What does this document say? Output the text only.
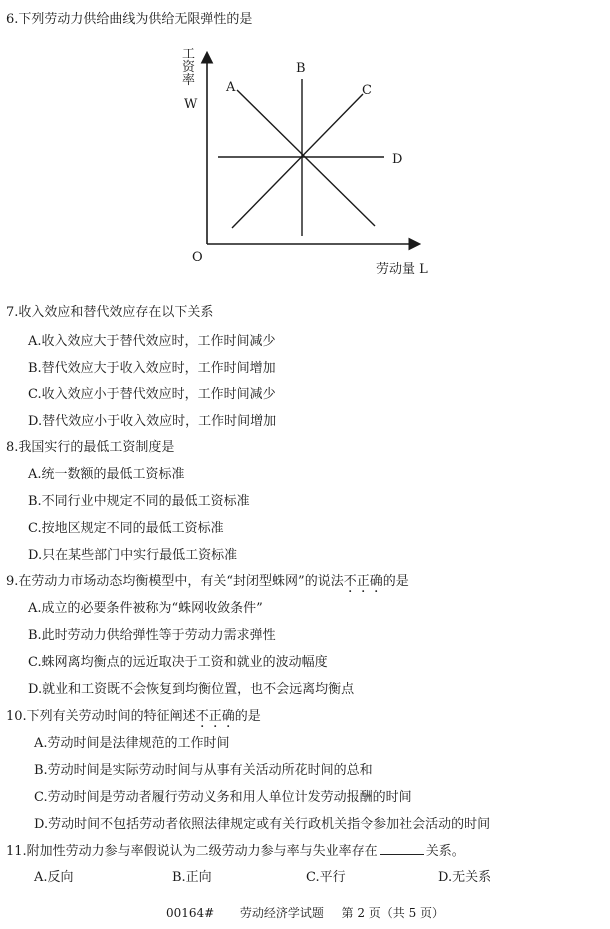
6.下列劳动力供给曲线为供给无限弹性的是
工
资
率
W
O
劳动量 L
A
B
C
D
7.收入效应和替代效应存在以下关系
A.收入效应大于替代效应时，工作时间减少
B.替代效应大于收入效应时，工作时间增加
C.收入效应小于替代效应时，工作时间减少
D.替代效应小于收入效应时，工作时间增加
8.我国实行的最低工资制度是
A.统一数额的最低工资标准
B.不同行业中规定不同的最低工资标准
C.按地区规定不同的最低工资标准
D.只在某些部门中实行最低工资标准
9.在劳动力市场动态均衡模型中，有关“封闭型蛛网”的说法不正确的是
A.成立的必要条件被称为“蛛网收敛条件”
B.此时劳动力供给弹性等于劳动力需求弹性
C.蛛网离均衡点的远近取决于工资和就业的波动幅度
D.就业和工资既不会恢复到均衡位置，也不会远离均衡点
10.下列有关劳动时间的特征阐述不正确的是
A.劳动时间是法律规范的工作时间
B.劳动时间是实际劳动时间与从事有关活动所花时间的总和
C.劳动时间是劳动者履行劳动义务和用人单位计发劳动报酬的时间
D.劳动时间不包括劳动者依照法律规定或有关行政机关指令参加社会活动的时间
11.附加性劳动力参与率假说认为二级劳动力参与率与失业率存在	关系。
A.反向	B.正向	C.平行	D.无关系
00164# 劳动经济学试题 第 2 页（共 5 页）
